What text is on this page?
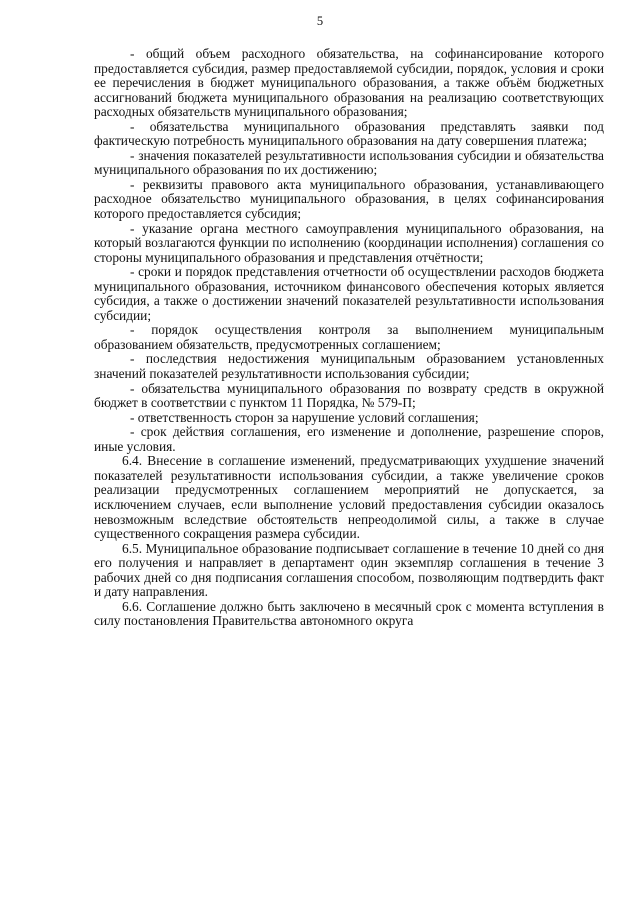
5

- общий объем расходного обязательства, на софинансирование которого предоставляется субсидия, размер предоставляемой субсидии, порядок, условия и сроки ее перечисления в бюджет муниципального образования, а также объём бюджетных ассигнований бюджета муниципального образования на реализацию соответствующих расходных обязательств муниципального образования;

- обязательства муниципального образования представлять заявки под фактическую потребность муниципального образования на дату совершения платежа;

- значения показателей результативности использования субсидии и обязательства муниципального образования по их достижению;

- реквизиты правового акта муниципального образования, устанавливающего расходное обязательство муниципального образования, в целях софинансирования которого предоставляется субсидия;

- указание органа местного самоуправления муниципального образования, на который возлагаются функции по исполнению (координации исполнения) соглашения со стороны муниципального образования и представления отчётности;

- сроки и порядок представления отчетности об осуществлении расходов бюджета муниципального образования, источником финансового обеспечения которых является субсидия, а также о достижении значений показателей результативности использования субсидии;

- порядок осуществления контроля за выполнением муниципальным образованием обязательств, предусмотренных соглашением;

- последствия недостижения муниципальным образованием установленных значений показателей результативности использования субсидии;

- обязательства муниципального образования по возврату средств в окружной бюджет в соответствии с пунктом 11 Порядка, № 579-П;

- ответственность сторон за нарушение условий соглашения;

- срок действия соглашения, его изменение и дополнение, разрешение споров, иные условия.

6.4. Внесение в соглашение изменений, предусматривающих ухудшение значений показателей результативности использования субсидии, а также увеличение сроков реализации предусмотренных соглашением мероприятий не допускается, за исключением случаев, если выполнение условий предоставления субсидии оказалось невозможным вследствие обстоятельств непреодолимой силы, а также в случае существенного сокращения размера субсидии.

6.5. Муниципальное образование подписывает соглашение в течение 10 дней со дня его получения и направляет в департамент один экземпляр соглашения в течение 3 рабочих дней со дня подписания соглашения способом, позволяющим подтвердить факт и дату направления.

6.6. Соглашение должно быть заключено в месячный срок с момента вступления в силу постановления Правительства автономного округа
